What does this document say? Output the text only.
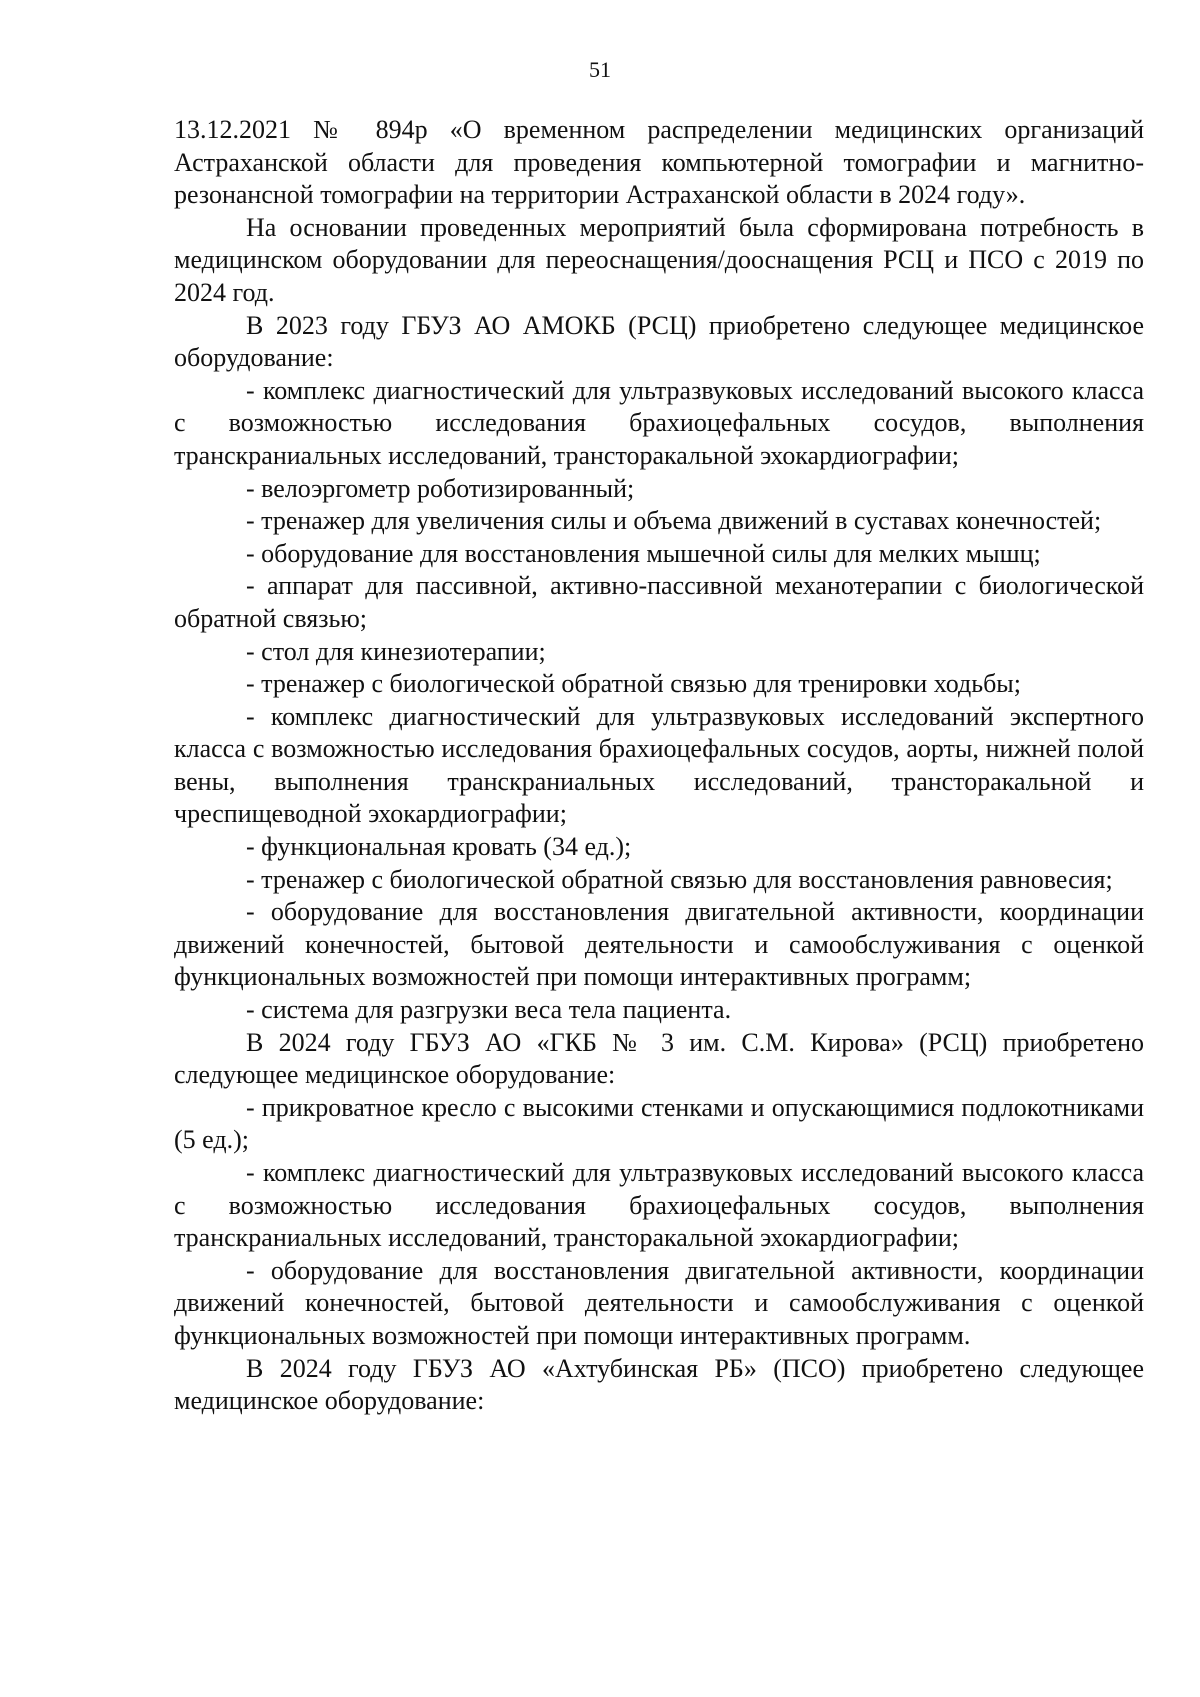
51

13.12.2021 № 894р «О временном распределении медицинских организаций Астраханской области для проведения компьютерной томографии и магнитно-резонансной томографии на территории Астраханской области в 2024 году».

На основании проведенных мероприятий была сформирована потребность в медицинском оборудовании для переоснащения/дооснащения РСЦ и ПСО с 2019 по 2024 год.

В 2023 году ГБУЗ АО АМОКБ (РСЦ) приобретено следующее медицинское оборудование:

- комплекс диагностический для ультразвуковых исследований высокого класса с возможностью исследования брахиоцефальных сосудов, выполнения транскраниальных исследований, трансторакальной эхокардиографии;

- велоэргометр роботизированный;

- тренажер для увеличения силы и объема движений в суставах конечностей;

- оборудование для восстановления мышечной силы для мелких мышц;

- аппарат для пассивной, активно-пассивной механотерапии с биологической обратной связью;

- стол для кинезиотерапии;

- тренажер с биологической обратной связью для тренировки ходьбы;

- комплекс диагностический для ультразвуковых исследований экспертного класса с возможностью исследования брахиоцефальных сосудов, аорты, нижней полой вены, выполнения транскраниальных исследований, трансторакальной и чреспищеводной эхокардиографии;

- функциональная кровать (34 ед.);

- тренажер с биологической обратной связью для восстановления равновесия;

- оборудование для восстановления двигательной активности, координации движений конечностей, бытовой деятельности и самообслуживания с оценкой функциональных возможностей при помощи интерактивных программ;

- система для разгрузки веса тела пациента.

В 2024 году ГБУЗ АО «ГКБ № 3 им. С.М. Кирова» (РСЦ) приобретено следующее медицинское оборудование:

- прикроватное кресло с высокими стенками и опускающимися подлокотниками (5 ед.);

- комплекс диагностический для ультразвуковых исследований высокого класса с возможностью исследования брахиоцефальных сосудов, выполнения транскраниальных исследований, трансторакальной эхокардиографии;

- оборудование для восстановления двигательной активности, координации движений конечностей, бытовой деятельности и самообслуживания с оценкой функциональных возможностей при помощи интерактивных программ.

В 2024 году ГБУЗ АО «Ахтубинская РБ» (ПСО) приобретено следующее медицинское оборудование:
